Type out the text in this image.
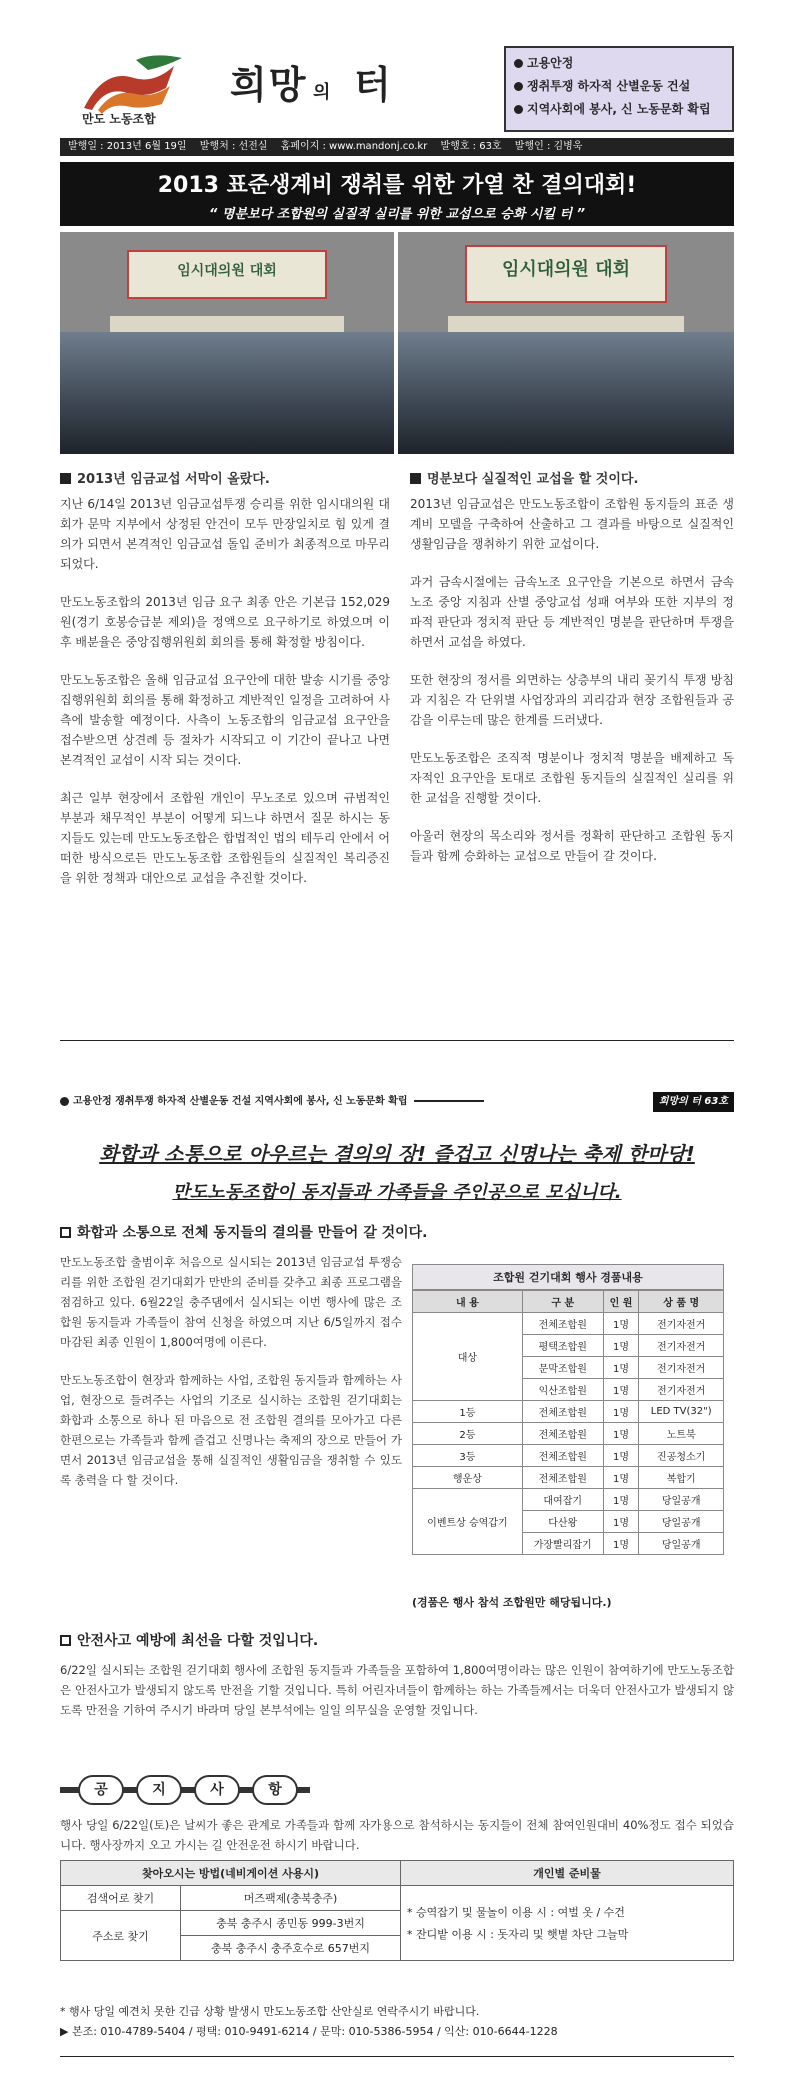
만도 노동조합
희망 의 터	고용안정
쟁취투쟁 하자적 산별운동 건설
지역사회에 봉사, 신 노동문화 확립
발행일 : 2013년 6월 19일 발행처 : 선전실 홈페이지 : www.mandonj.co.kr 발행호 : 63호 발행인 : 김병욱
2013 표준생계비 쟁취를 위한 가열 찬 결의대회!
“ 명분보다 조합원의 실질적 실리를 위한 교섭으로 승화 시킬 터 ”
임시대의원 대회	임시대의원 대회
2013년 임금교섭 서막이 올랐다.

지난 6/14일 2013년 임금교섭투쟁 승리를 위한 임시대의원 대회가 문막 지부에서 상정된 안건이 모두 만장일치로 힘 있게 결의가 되면서 본격적인 임금교섭 돌입 준비가 최종적으로 마무리 되었다.

만도노동조합의 2013년 임금 요구 최종 안은 기본급 152,029원(경기 호봉승급분 제외)을 정액으로 요구하기로 하였으며 이후 배분율은 중앙집행위원회 회의를 통해 확정할 방침이다.

만도노동조합은 올해 임금교섭 요구안에 대한 발송 시기를 중앙집행위원회 회의를 통해 확정하고 계반적인 일정을 고려하여 사측에 발송할 예정이다. 사측이 노동조합의 임금교섭 요구안을 접수받으면 상견례 등 절차가 시작되고 이 기간이 끝나고 나면 본격적인 교섭이 시작 되는 것이다.

최근 일부 현장에서 조합원 개인이 무노조로 있으며 규범적인 부분과 채무적인 부분이 어떻게 되느냐 하면서 질문 하시는 동지들도 있는데 만도노동조합은 합법적인 법의 테두리 안에서 어떠한 방식으로든 만도노동조합 조합원들의 실질적인 복리증진을 위한 정책과 대안으로 교섭을 추진할 것이다.

명분보다 실질적인 교섭을 할 것이다.

2013년 임금교섭은 만도노동조합이 조합원 동지들의 표준 생계비 모델을 구축하여 산출하고 그 결과를 바탕으로 실질적인 생활임금을 쟁취하기 위한 교섭이다.

과거 금속시절에는 금속노조 요구안을 기본으로 하면서 금속노조 중앙 지침과 산별 중앙교섭 성패 여부와 또한 지부의 정파적 판단과 정치적 판단 등 계반적인 명분을 판단하며 투쟁을 하면서 교섭을 하였다.

또한 현장의 정서를 외면하는 상층부의 내리 꽂기식 투쟁 방침과 지침은 각 단위별 사업장과의 괴리감과 현장 조합원들과 공감을 이루는데 많은 한계를 드러냈다.

만도노동조합은 조직적 명분이나 정치적 명분을 배제하고 독자적인 요구안을 토대로 조합원 동지들의 실질적인 실리를 위한 교섭을 진행할 것이다.

아울러 현장의 목소리와 정서를 정확히 판단하고 조합원 동지들과 함께 승화하는 교섭으로 만들어 갈 것이다.

고용안정 쟁취투쟁 하자적 산별운동 건설 지역사회에 봉사, 신 노동문화 확립	희망의 터 63호
화합과 소통으로 아우르는 결의의 장! 즐겁고 신명나는 축제 한마당!
만도노동조합이 동지들과 가족들을 주인공으로 모십니다.
화합과 소통으로 전체 동지들의 결의를 만들어 갈 것이다.

만도노동조합 출범이후 처음으로 실시되는 2013년 임금교섭 투쟁승리를 위한 조합원 걷기대회가 만반의 준비를 갖추고 최종 프로그램을 점검하고 있다. 6월22일 충주댐에서 실시되는 이번 행사에 많은 조합원 동지들과 가족들이 참여 신청을 하였으며 지난 6/5일까지 접수 마감된 최종 인원이 1,800여명에 이른다.

만도노동조합이 현장과 함께하는 사업, 조합원 동지들과 함께하는 사업, 현장으로 들려주는 사업의 기조로 실시하는 조합원 걷기대회는 화합과 소통으로 하나 된 마음으로 전 조합원 결의를 모아가고 다른 한편으로는 가족들과 함께 즐겁고 신명나는 축제의 장으로 만들어 가면서 2013년 임금교섭을 통해 실질적인 생활임금을 쟁취할 수 있도록 총력을 다 할 것이다.

조합원 걷기대회 행사 경품내용
내 용	구 분	인 원	상 품 명
대상	전체조합원	1명	전기자전거
	평택조합원	1명	전기자전거
	문막조합원	1명	전기자전거
	익산조합원	1명	전기자전거
1등	전체조합원	1명	LED TV(32")
2등	전체조합원	1명	노트북
3등	전체조합원	1명	진공청소기
행운상	전체조합원	1명	복합기
이벤트상 승역갑기	대여잡기	1명	당일공개
	다산왕	1명	당일공개
	가장빨리잡기	1명	당일공개
(경품은 행사 참석 조합원만 해당됩니다.)
안전사고 예방에 최선을 다할 것입니다.

6/22일 실시되는 조합원 걷기대회 행사에 조합원 동지들과 가족들을 포함하여 1,800여명이라는 많은 인원이 참여하기에 만도노동조합은 안전사고가 발생되지 않도록 만전을 기할 것입니다. 특히 어린자녀들이 함께하는 하는 가족들께서는 더욱더 안전사고가 발생되지 않도록 만전을 기하여 주시기 바라며 당일 본부석에는 일일 의무실을 운영할 것입니다.

공	지	사	항

행사 당일 6/22일(토)은 날씨가 좋은 관계로 가족들과 함께 자가용으로 참석하시는 동지들이 전체 참여인원대비 40%정도 접수 되었습니다. 행사장까지 오고 가시는 길 안전운전 하시기 바랍니다.

찾아오시는 방법(네비게이션 사용시)		개인별 준비물
검색어로 찾기	머즈팩제(충북충주)	* 승역잡기 및 물놀이 이용 시 : 여벌 옷 / 수건
* 잔디밭 이용 시 : 돗자리 및 햇볕 차단 그늘막

주소로 찾기	충북 충주시 종민동 999-3번지	
	충북 충주시 충주호수로 657번지	
* 행사 당일 예견치 못한 긴급 상황 발생시 만도노동조합 산안실로 연락주시기 바랍니다.
▶ 본조: 010-4789-5404 / 평택: 010-9491-6214 / 문막: 010-5386-5954 / 익산: 010-6644-1228
